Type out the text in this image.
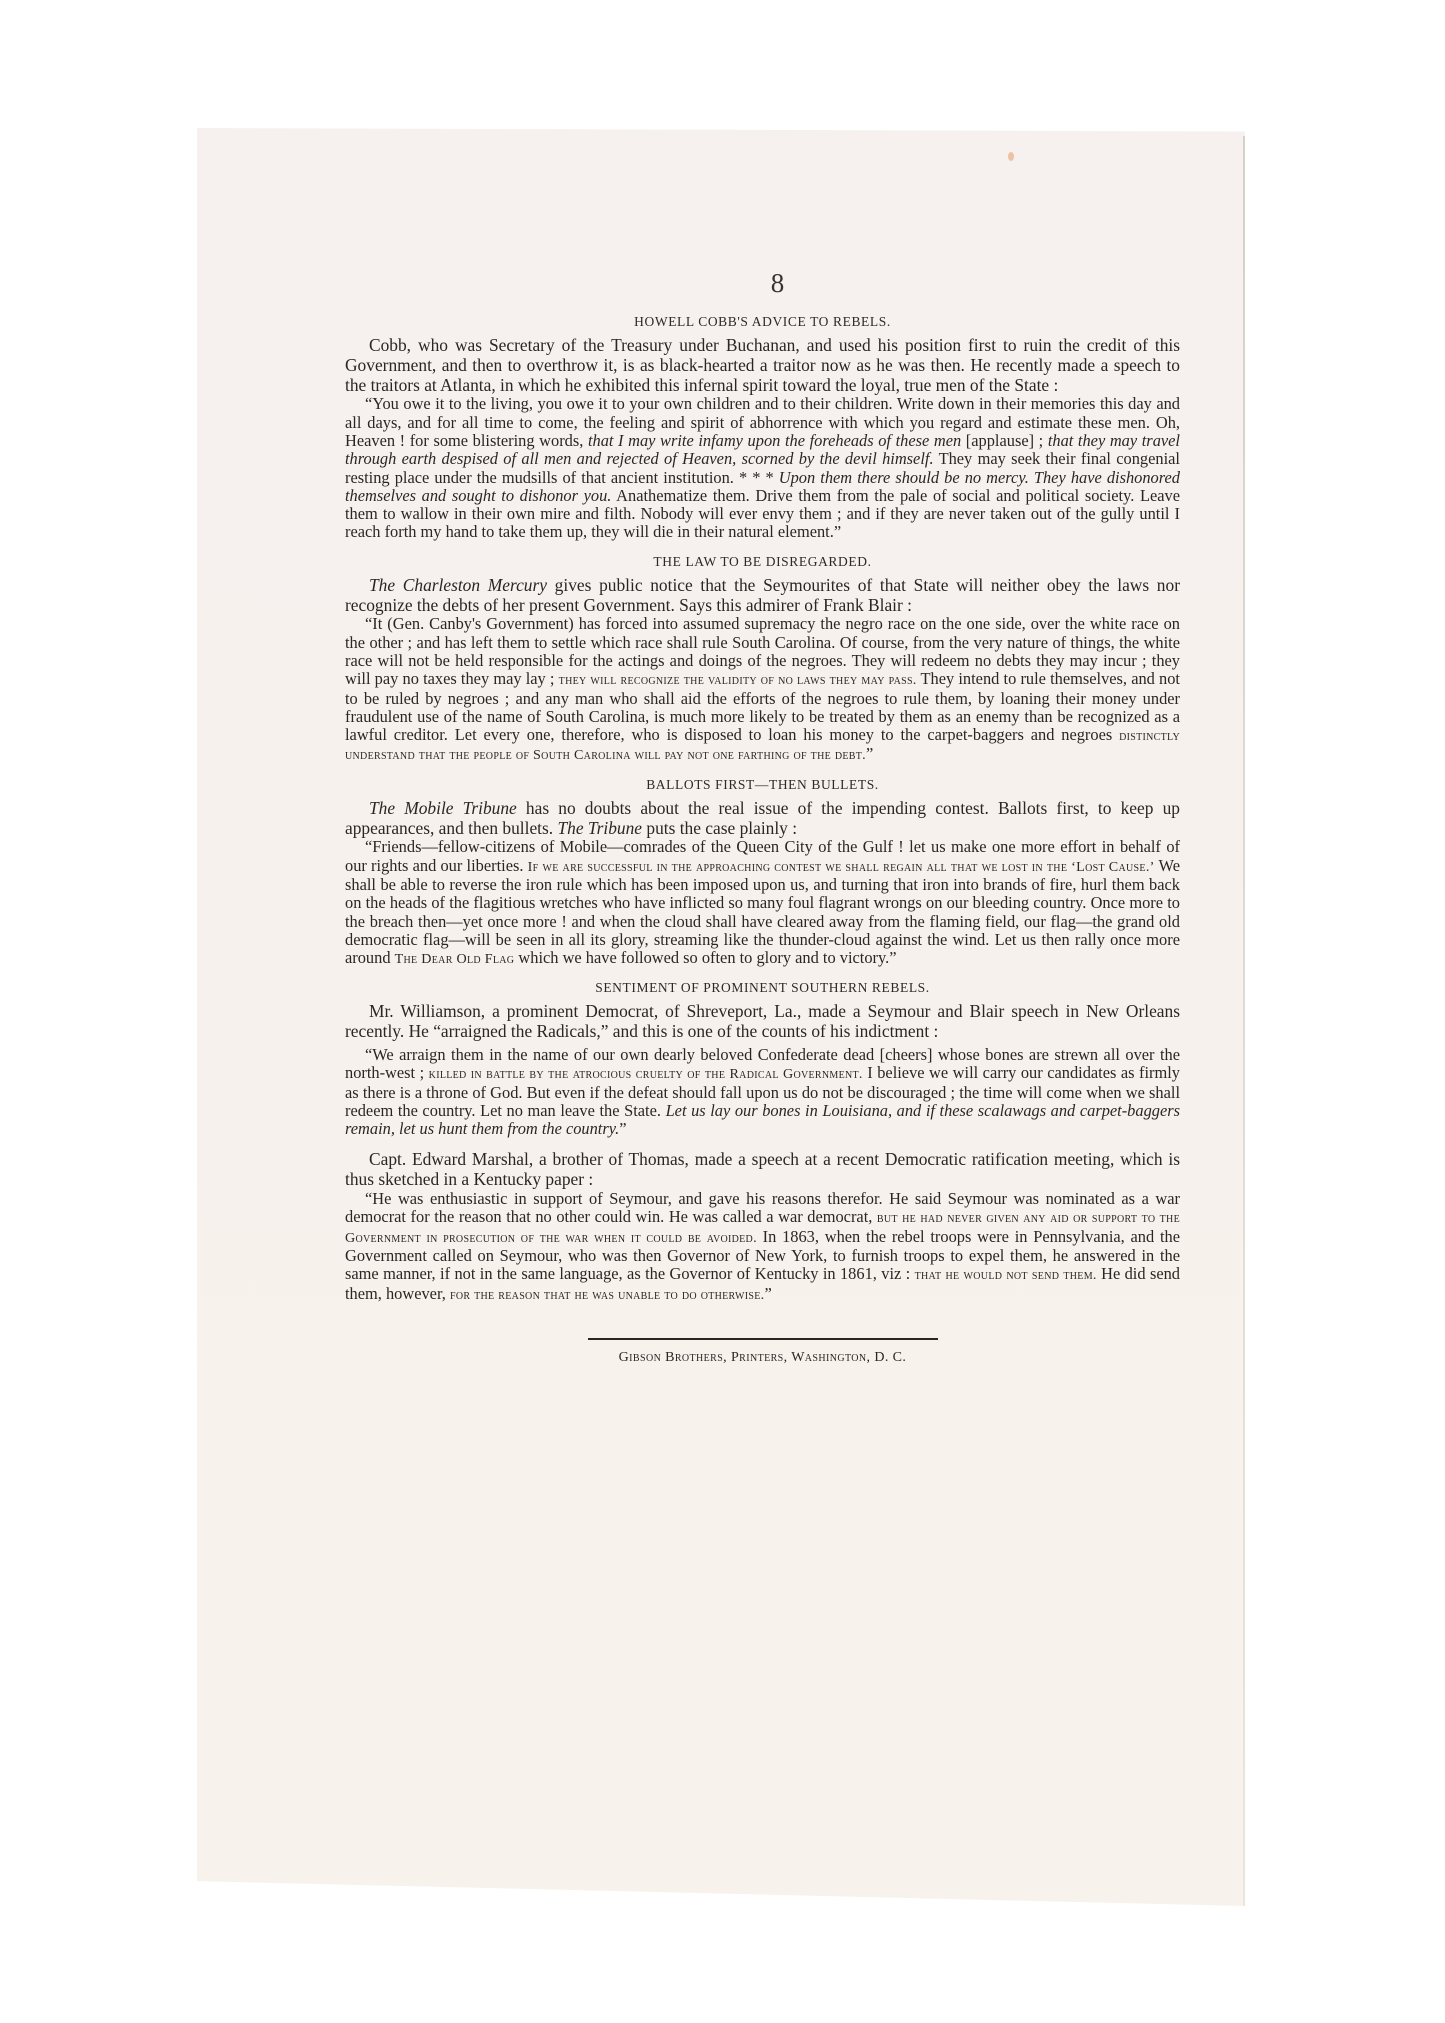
8
HOWELL COBB'S ADVICE TO REBELS.

Cobb, who was Secretary of the Treasury under Buchanan, and used his position first to ruin the credit of this Government, and then to overthrow it, is as black-hearted a traitor now as he was then. He recently made a speech to the traitors at Atlanta, in which he exhibited this infernal spirit toward the loyal, true men of the State :

“You owe it to the living, you owe it to your own children and to their children. Write down in their memories this day and all days, and for all time to come, the feeling and spirit of abhorrence with which you regard and estimate these men. Oh, Heaven ! for some blistering words, that I may write infamy upon the foreheads of these men [applause] ; that they may travel through earth despised of all men and rejected of Heaven, scorned by the devil himself. They may seek their final congenial resting place under the mudsills of that ancient institution. * * * Upon them there should be no mercy. They have dishonored themselves and sought to dishonor you. Anathematize them. Drive them from the pale of social and political society. Leave them to wallow in their own mire and filth. Nobody will ever envy them ; and if they are never taken out of the gully until I reach forth my hand to take them up, they will die in their natural element.”

THE LAW TO BE DISREGARDED.

The Charleston Mercury gives public notice that the Seymourites of that State will neither obey the laws nor recognize the debts of her present Government. Says this admirer of Frank Blair :

“It (Gen. Canby's Government) has forced into assumed supremacy the negro race on the one side, over the white race on the other ; and has left them to settle which race shall rule South Carolina. Of course, from the very nature of things, the white race will not be held responsible for the actings and doings of the negroes. They will redeem no debts they may incur ; they will pay no taxes they may lay ; they will recognize the validity of no laws they may pass. They intend to rule themselves, and not to be ruled by negroes ; and any man who shall aid the efforts of the negroes to rule them, by loaning their money under fraudulent use of the name of South Carolina, is much more likely to be treated by them as an enemy than be recognized as a lawful creditor. Let every one, therefore, who is disposed to loan his money to the carpet-baggers and negroes distinctly understand that the people of South Carolina will pay not one farthing of the debt.”

BALLOTS FIRST—THEN BULLETS.

The Mobile Tribune has no doubts about the real issue of the impending contest. Ballots first, to keep up appearances, and then bullets. The Tribune puts the case plainly :

“Friends—fellow-citizens of Mobile—comrades of the Queen City of the Gulf ! let us make one more effort in behalf of our rights and our liberties. If we are successful in the approaching contest we shall regain all that we lost in the ‘Lost Cause.’ We shall be able to reverse the iron rule which has been imposed upon us, and turning that iron into brands of fire, hurl them back on the heads of the flagitious wretches who have inflicted so many foul flagrant wrongs on our bleeding country. Once more to the breach then—yet once more ! and when the cloud shall have cleared away from the flaming field, our flag—the grand old democratic flag—will be seen in all its glory, streaming like the thunder-cloud against the wind. Let us then rally once more around The Dear Old Flag which we have followed so often to glory and to victory.”

SENTIMENT OF PROMINENT SOUTHERN REBELS.

Mr. Williamson, a prominent Democrat, of Shreveport, La., made a Seymour and Blair speech in New Orleans recently. He “arraigned the Radicals,” and this is one of the counts of his indictment :

“We arraign them in the name of our own dearly beloved Confederate dead [cheers] whose bones are strewn all over the north-west ; killed in battle by the atrocious cruelty of the Radical Government. I believe we will carry our candidates as firmly as there is a throne of God. But even if the defeat should fall upon us do not be discouraged ; the time will come when we shall redeem the country. Let no man leave the State. Let us lay our bones in Louisiana, and if these scalawags and carpet-baggers remain, let us hunt them from the country.”

Capt. Edward Marshal, a brother of Thomas, made a speech at a recent Democratic ratification meeting, which is thus sketched in a Kentucky paper :

“He was enthusiastic in support of Seymour, and gave his reasons therefor. He said Seymour was nominated as a war democrat for the reason that no other could win. He was called a war democrat, but he had never given any aid or support to the Government in prosecution of the war when it could be avoided. In 1863, when the rebel troops were in Pennsylvania, and the Government called on Seymour, who was then Governor of New York, to furnish troops to expel them, he answered in the same manner, if not in the same language, as the Governor of Kentucky in 1861, viz : that he would not send them. He did send them, however, for the reason that he was unable to do otherwise.”

Gibson Brothers, Printers, Washington, D. C.
